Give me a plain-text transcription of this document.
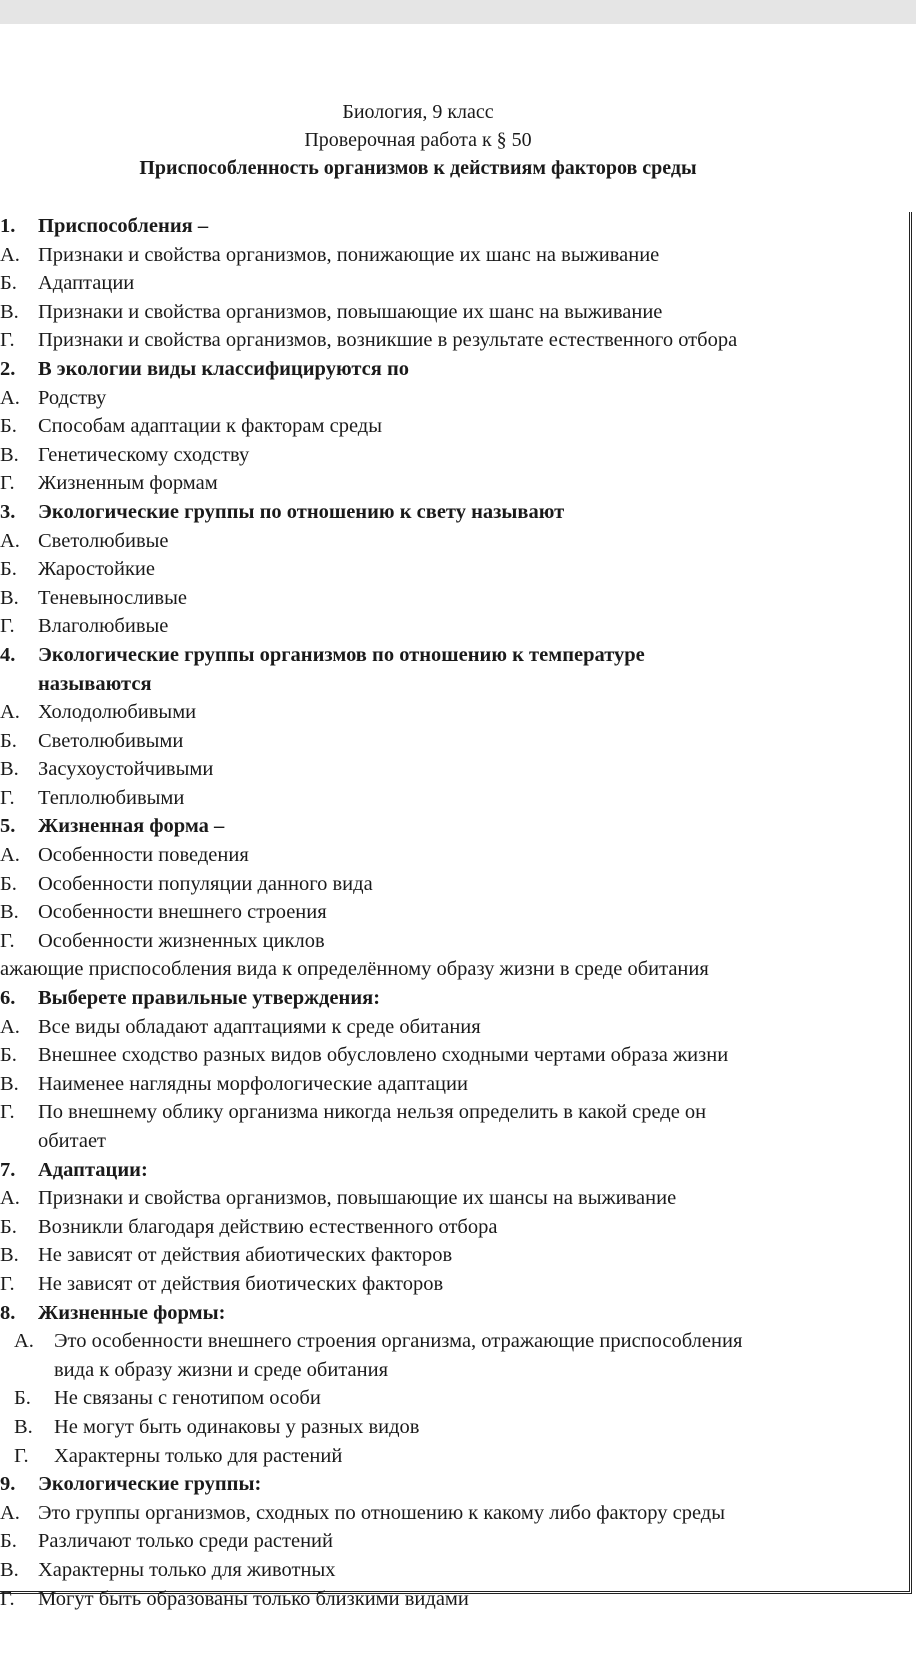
Биология, 9 класс
Проверочная работа к § 50
Приспособленность организмов к действиям факторов среды
1. Приспособления –
А. Признаки и свойства организмов, понижающие их шанс на выживание
Б. Адаптации
В. Признаки и свойства организмов, повышающие их шанс на выживание
Г. Признаки и свойства организмов, возникшие в результате естественного отбора
2. В экологии виды классифицируются по
А. Родству
Б. Способам адаптации к факторам среды
В. Генетическому сходству
Г. Жизненным формам
3. Экологические группы по отношению к свету называют
А. Светолюбивые
Б. Жаростойкие
В. Теневыносливые
Г. Влаголюбивые
4. Экологические группы организмов по отношению к температуре
называются
А. Холодолюбивыми
Б. Светолюбивыми
В. Засухоустойчивыми
Г. Теплолюбивыми
5. Жизненная форма –
А. Особенности поведения
Б. Особенности популяции данного вида
В. Особенности внешнего строения
Г. Особенности жизненных циклов
ажающие приспособления вида к определённому образу жизни в среде обитания
6. Выберете правильные утверждения:
А. Все виды обладают адаптациями к среде обитания
Б. Внешнее сходство разных видов обусловлено сходными чертами образа жизни
В. Наименее наглядны морфологические адаптации
Г. По внешнему облику организма никогда нельзя определить в какой среде он
обитает
7. Адаптации:
А. Признаки и свойства организмов, повышающие их шансы на выживание
Б. Возникли благодаря действию естественного отбора
В. Не зависят от действия абиотических факторов
Г. Не зависят от действия биотических факторов
8. Жизненные формы:
А. Это особенности внешнего строения организма, отражающие приспособления
вида к образу жизни и среде обитания
Б. Не связаны с генотипом особи
В. Не могут быть одинаковы у разных видов
Г. Характерны только для растений
9. Экологические группы:
А. Это группы организмов, сходных по отношению к какому либо фактору среды
Б. Различают только среди растений
В. Характерны только для животных
Г. Могут быть образованы только близкими видами
